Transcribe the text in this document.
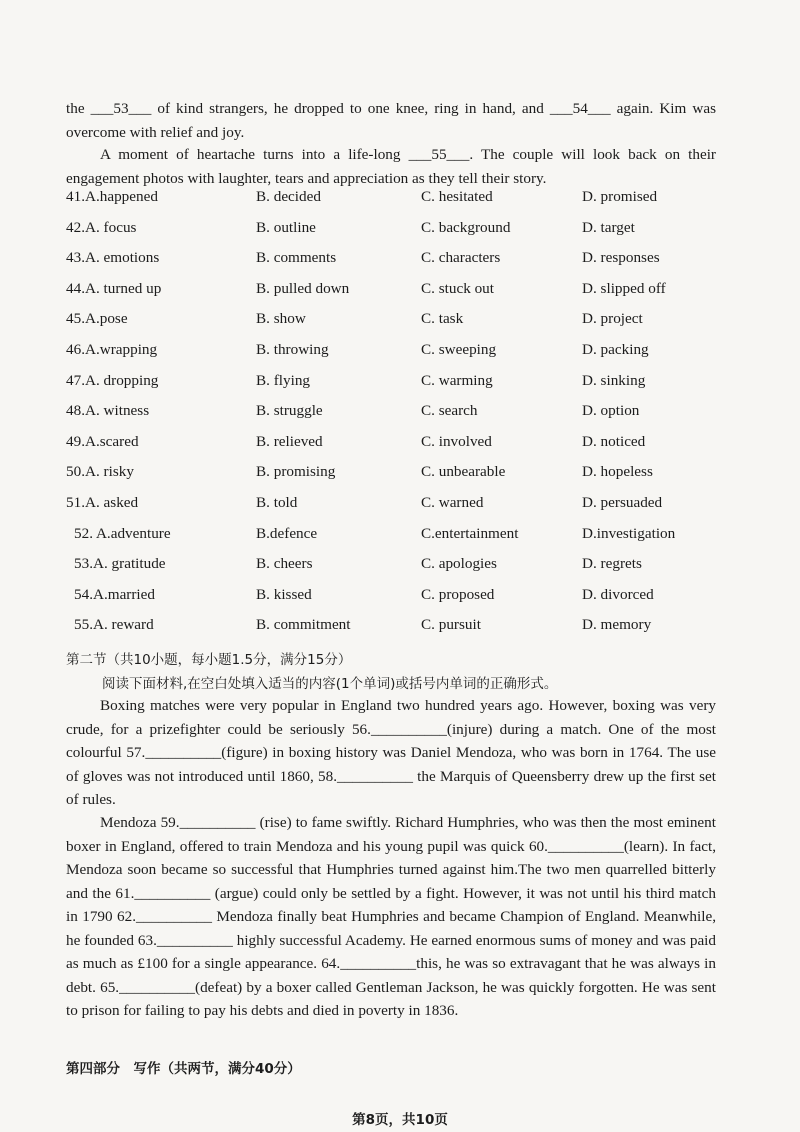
the ___53___ of kind strangers, he dropped to one knee, ring in hand, and ___54___ again. Kim was overcome with relief and joy.

A moment of heartache turns into a life-long ___55___. The couple will look back on their engagement photos with laughter, tears and appreciation as they tell their story.

41.A.happened	B. decided	C. hesitated	D. promised
42.A. focus	B. outline	C. background	D. target
43.A. emotions	B. comments	C. characters	D. responses
44.A. turned up	B. pulled down	C. stuck out	D. slipped off
45.A.pose	B. show	C. task	D. project
46.A.wrapping	B. throwing	C. sweeping	D. packing
47.A. dropping	B. flying	C. warming	D. sinking
48.A. witness	B. struggle	C. search	D. option
49.A.scared	B. relieved	C. involved	D. noticed
50.A. risky	B. promising	C. unbearable	D. hopeless
51.A. asked	B. told	C. warned	D. persuaded
52. A.adventure	B.defence	C.entertainment	D.investigation
53.A. gratitude	B. cheers	C. apologies	D. regrets
54.A.married	B. kissed	C. proposed	D. divorced
55.A. reward	B. commitment	C. pursuit	D. memory
第二节（共10小题，每小题1.5分，满分15分）
阅读下面材料,在空白处填入适当的内容(1个单词)或括号内单词的正确形式。

Boxing matches were very popular in England two hundred years ago. However, boxing was very crude, for a prizefighter could be seriously 56.__________(injure) during a match. One of the most colourful 57.__________(figure) in boxing history was Daniel Mendoza, who was born in 1764. The use of gloves was not introduced until 1860, 58.__________ the Marquis of Queensberry drew up the first set of rules.

Mendoza 59.__________ (rise) to fame swiftly. Richard Humphries, who was then the most eminent boxer in England, offered to train Mendoza and his young pupil was quick 60.__________(learn). In fact, Mendoza soon became so successful that Humphries turned against him.The two men quarrelled bitterly and the 61.__________ (argue) could only be settled by a fight. However, it was not until his third match in 1790 62.__________ Mendoza finally beat Humphries and became Champion of England. Meanwhile, he founded 63.__________ highly successful Academy. He earned enormous sums of money and was paid as much as £100 for a single appearance. 64.__________this, he was so extravagant that he was always in debt. 65.__________(defeat) by a boxer called Gentleman Jackson, he was quickly forgotten. He was sent to prison for failing to pay his debts and died in poverty in 1836.

第四部分　写作（共两节，满分40分）
第8页，共10页
